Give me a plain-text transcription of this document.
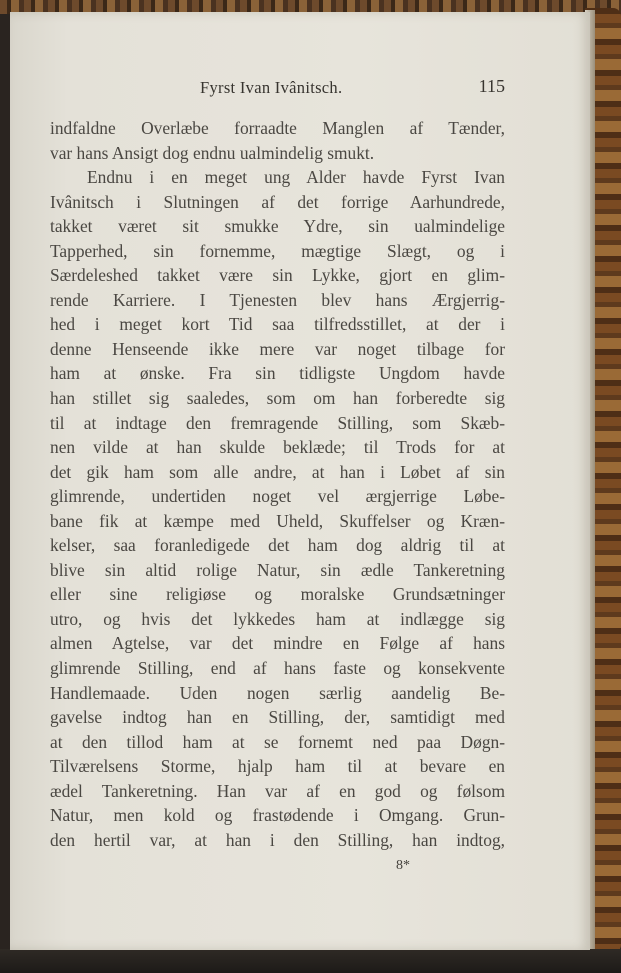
Fyrst Ivan Ivânitsch.	115
indfaldne Overlæbe forraadte Manglen af Tænder,
var hans Ansigt dog endnu ualmindelig smukt.
Endnu i en meget ung Alder havde Fyrst Ivan
Ivânitsch i Slutningen af det forrige Aarhundrede,
takket været sit smukke Ydre, sin ualmindelige
Tapperhed, sin fornemme, mægtige Slægt, og i
Særdeleshed takket være sin Lykke, gjort en glim-
rende Karriere. I Tjenesten blev hans Ærgjerrig-
hed i meget kort Tid saa tilfredsstillet, at der i
denne Henseende ikke mere var noget tilbage for
ham at ønske. Fra sin tidligste Ungdom havde
han stillet sig saaledes, som om han forberedte sig
til at indtage den fremragende Stilling, som Skæb-
nen vilde at han skulde beklæde; til Trods for at
det gik ham som alle andre, at han i Løbet af sin
glimrende, undertiden noget vel ærgjerrige Løbe-
bane fik at kæmpe med Uheld, Skuffelser og Kræn-
kelser, saa foranledigede det ham dog aldrig til at
blive sin altid rolige Natur, sin ædle Tankeretning
eller sine religiøse og moralske Grundsætninger
utro, og hvis det lykkedes ham at indlægge sig
almen Agtelse, var det mindre en Følge af hans
glimrende Stilling, end af hans faste og konsekvente
Handlemaade. Uden nogen særlig aandelig Be-
gavelse indtog han en Stilling, der, samtidigt med
at den tillod ham at se fornemt ned paa Døgn-
Tilværelsens Storme, hjalp ham til at bevare en
ædel Tankeretning. Han var af en god og følsom
Natur, men kold og frastødende i Omgang. Grun-
den hertil var, at han i den Stilling, han indtog,
8*
